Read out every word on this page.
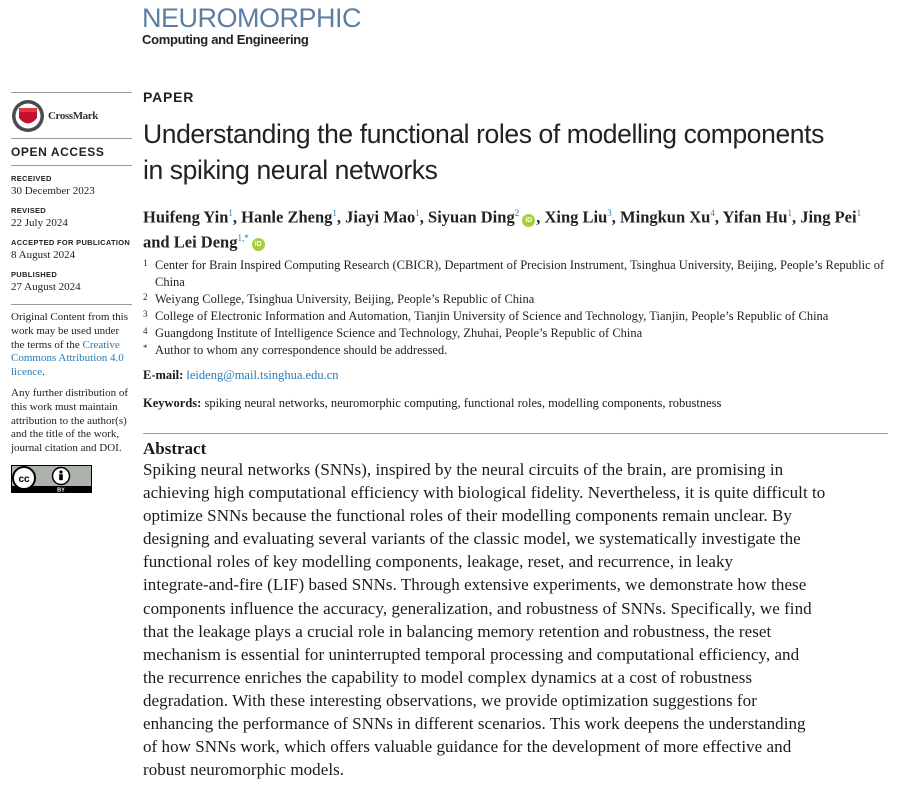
NEUROMORPHIC
Computing and Engineering
CrossMark
OPEN ACCESS
RECEIVED
30 December 2023
REVISED
22 July 2024
ACCEPTED FOR PUBLICATION
8 August 2024
PUBLISHED
27 August 2024

Original Content from this work may be used under the terms of the Creative Commons Attribution 4.0 licence.

Any further distribution of this work must maintain attribution to the author(s) and the title of the work, journal citation and DOI.

cc
BY
PAPER
Understanding the functional roles of modelling components
in spiking neural networks
Huifeng Yin$^1$, Hanle Zheng$^1$, Jiayi Mao$^1$, Siyuan Ding$^2$iD , Xing Liu$^3$, Mingkun Xu$^4$, Yifan Hu$^1$, Jing Pei$^1$
and Lei Deng$^{1,*}$iD
1 Center for Brain Inspired Computing Research (CBICR), Department of Precision Instrument, Tsinghua University, Beijing, People’s Republic of China
2 Weiyang College, Tsinghua University, Beijing, People’s Republic of China
3 College of Electronic Information and Automation, Tianjin University of Science and Technology, Tianjin, People’s Republic of China
4 Guangdong Institute of Intelligence Science and Technology, Zhuhai, People’s Republic of China
* Author to whom any correspondence should be addressed.
E-mail: leideng@mail.tsinghua.edu.cn
Keywords: spiking neural networks, neuromorphic computing, functional roles, modelling components, robustness
Abstract
Spiking neural networks (SNNs), inspired by the neural circuits of the brain, are promising in
achieving high computational efficiency with biological fidelity. Nevertheless, it is quite difficult to
optimize SNNs because the functional roles of their modelling components remain unclear. By
designing and evaluating several variants of the classic model, we systematically investigate the
functional roles of key modelling components, leakage, reset, and recurrence, in leaky
integrate-and-fire (LIF) based SNNs. Through extensive experiments, we demonstrate how these
components influence the accuracy, generalization, and robustness of SNNs. Specifically, we find
that the leakage plays a crucial role in balancing memory retention and robustness, the reset
mechanism is essential for uninterrupted temporal processing and computational efficiency, and
the recurrence enriches the capability to model complex dynamics at a cost of robustness
degradation. With these interesting observations, we provide optimization suggestions for
enhancing the performance of SNNs in different scenarios. This work deepens the understanding
of how SNNs work, which offers valuable guidance for the development of more effective and
robust neuromorphic models.
